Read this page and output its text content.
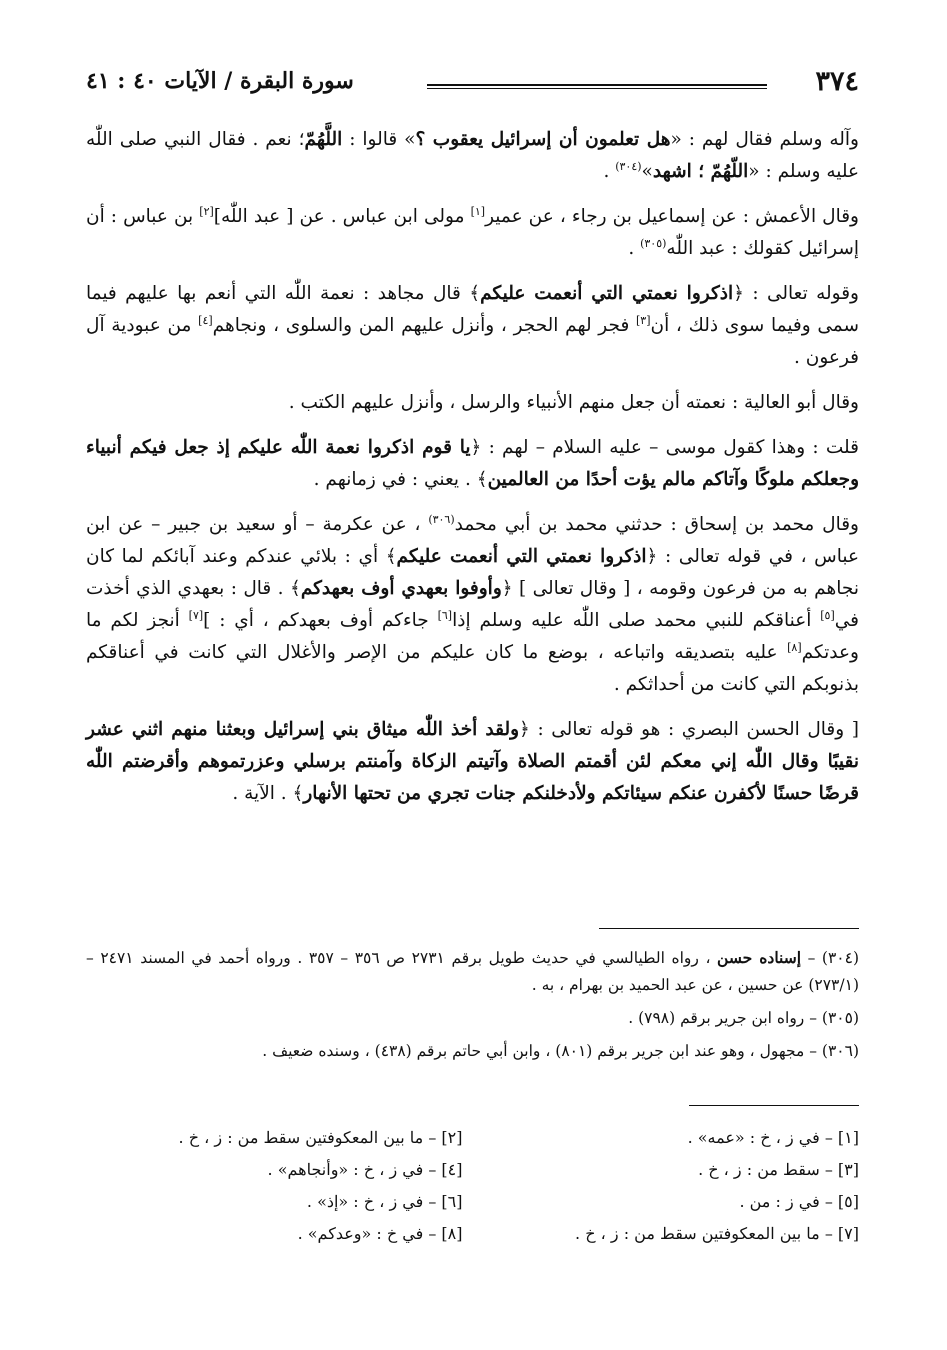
٣٧٤
سورة البقرة / الآيات ٤٠ : ٤١

وآله وسلم فقال لهم : «هل تعلمون أن إسرائيل يعقوب ؟» قالوا : اللَّهُمّ؛ نعم . فقال النبي صلى اللّٰه عليه وسلم : «اللّهُمّ ؛ اشهد»$^{(٣٠٤)}$ .

وقال الأعمش : عن إسماعيل بن رجاء ، عن عمير[١] مولى ابن عباس . عن [ عبد اللّٰه][٢] بن عباس : أن إسرائيل كقولك : عبد اللّٰه$^{(٣٠٥)}$ .

وقوله تعالى : ﴿اذكروا نعمتي التي أنعمت عليكم﴾ قال مجاهد : نعمة اللّٰه التي أنعم بها عليهم فيما سمى وفيما سوى ذلك ، أن[٣] فجر لهم الحجر ، وأنزل عليهم المن والسلوى ، ونجاهم[٤] من عبودية آل فرعون .

وقال أبو العالية : نعمته أن جعل منهم الأنبياء والرسل ، وأنزل عليهم الكتب .

قلت : وهذا كقول موسى – عليه السلام – لهم : ﴿يا قوم اذكروا نعمة اللّٰه عليكم إذ جعل فيكم أنبياء وجعلكم ملوكًا وآتاكم مالم يؤت أحدًا من العالمين﴾ . يعني : في زمانهم .

وقال محمد بن إسحاق : حدثني محمد بن أبي محمد$^{(٣٠٦)}$ ، عن عكرمة – أو سعيد بن جبير – عن ابن عباس ، في قوله تعالى : ﴿اذكروا نعمتي التي أنعمت عليكم﴾ أي : بلائي عندكم وعند آبائكم لما كان نجاهم به من فرعون وقومه ، [ وقال تعالى ] ﴿وأوفوا بعهدي أوف بعهدكم﴾ . قال : بعهدي الذي أخذت في[٥] أعناقكم للنبي محمد صلى اللّٰه عليه وسلم إذا[٦] جاءكم أوف بعهدكم ، أي : ][٧] أنجز لكم ما وعدتكم[٨] عليه بتصديقه واتباعه ، بوضع ما كان عليكم من الإصر والأغلال التي كانت في أعناقكم بذنوبكم التي كانت من أحداثكم .

[ وقال الحسن البصري : هو قوله تعالى : ﴿ولقد أخذ اللّٰه ميثاق بني إسرائيل وبعثنا منهم اثني عشر نقيبًا وقال اللّٰه إني معكم لئن أقمتم الصلاة وآتيتم الزكاة وآمنتم برسلي وعزرتموهم وأقرضتم اللّٰه قرضًا حسنًا لأكفرن عنكم سيئاتكم ولأدخلنكم جنات تجري من تحتها الأنهار﴾ . الآية .

(٣٠٤) – إسناده حسن ، رواه الطيالسي في حديث طويل برقم ٢٧٣١ ص ٣٥٦ – ٣٥٧ . ورواه أحمد في المسند ٢٤٧١ – (٢٧٣/١) عن حسين ، عن عبد الحميد بن بهرام ، به .

(٣٠٥) – رواه ابن جرير برقم (٧٩٨) .

(٣٠٦) – مجهول ، وهو عند ابن جرير برقم (٨٠١) ، وابن أبي حاتم برقم (٤٣٨) ، وسنده ضعيف .

[١] – في ز ، خ : «عمه» .
[٢] – ما بين المعكوفتين سقط من : ز ، خ .
[٣] – سقط من : ز ، خ .
[٤] – في ز ، خ : «وأنجاهم» .
[٥] – في ز : من .
[٦] – في ز ، خ : «إذ» .
[٧] – ما بين المعكوفتين سقط من : ز ، خ .
[٨] – في خ : «وعدكم» .
